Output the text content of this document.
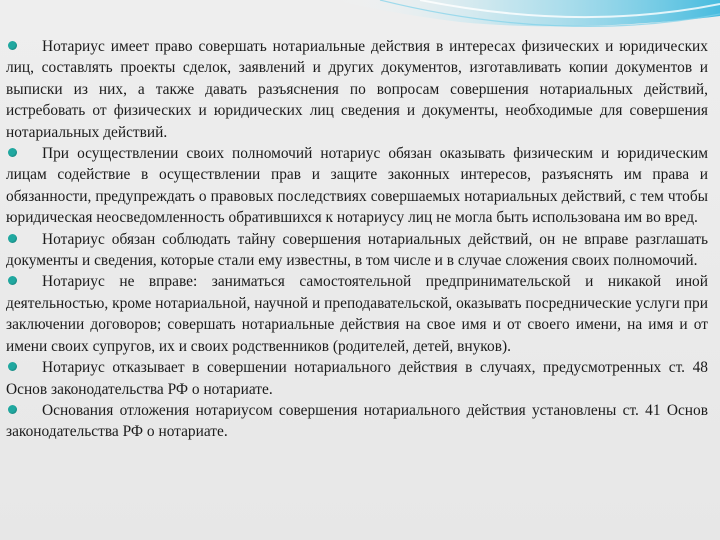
Нотариус имеет право совершать нотариальные действия в интересах физических и юридических лиц, составлять проекты сделок, заявлений и других документов, изготавливать копии документов и выписки из них, а также давать разъяснения по вопросам совершения нотариальных действий, истребовать от физических и юридических лиц сведения и документы, необходимые для совершения нотариальных действий.

При осуществлении своих полномочий нотариус обязан оказывать физическим и юридическим лицам содействие в осуществлении прав и защите законных интересов, разъяснять им права и обязанности, предупреждать о правовых последствиях совершаемых нотариальных действий, с тем чтобы юридическая неосведомленность обратившихся к нотариусу лиц не могла быть использована им во вред.

Нотариус обязан соблюдать тайну совершения нотариальных действий, он не вправе разглашать документы и сведения, которые стали ему известны, в том числе и в случае сложения своих полномочий.

Нотариус не вправе: заниматься самостоятельной предпринимательской и никакой иной деятельностью, кроме нотариальной, научной и преподавательской, оказывать посреднические услуги при заключении договоров; совершать нотариальные действия на свое имя и от своего имени, на имя и от имени своих супругов, их и своих родственников (родителей, детей, внуков).

Нотариус отказывает в совершении нотариального действия в случаях, предусмотренных ст. 48 Основ законодательства РФ о нотариате.

Основания отложения нотариусом совершения нотариального действия установлены ст. 41 Основ законодательства РФ о нотариате.
